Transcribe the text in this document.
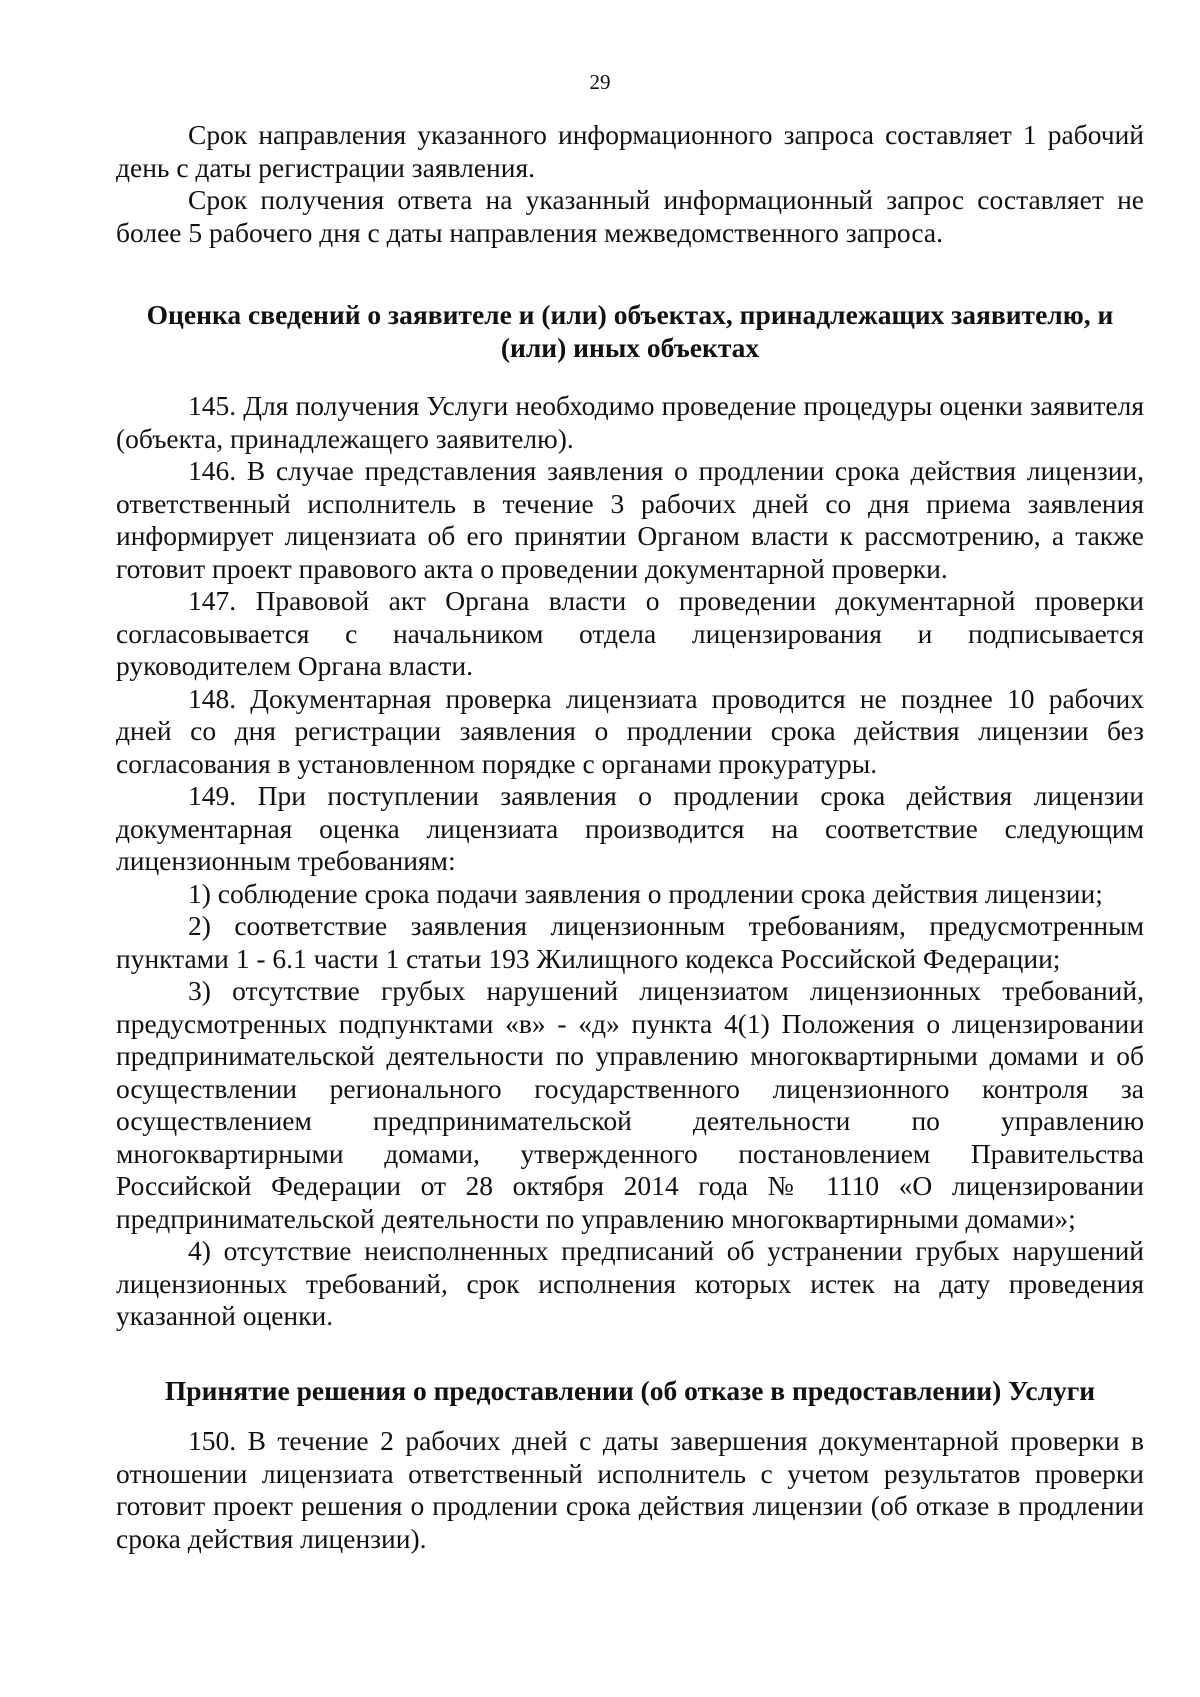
29

Срок направления указанного информационного запроса составляет 1 рабочий день с даты регистрации заявления.

Срок получения ответа на указанный информационный запрос составляет не более 5 рабочего дня с даты направления межведомственного запроса.

Оценка сведений о заявителе и (или) объектах, принадлежащих заявителю, и (или) иных объектах

145. Для получения Услуги необходимо проведение процедуры оценки заявителя (объекта, принадлежащего заявителю).

146. В случае представления заявления о продлении срока действия лицензии, ответственный исполнитель в течение 3 рабочих дней со дня приема заявления информирует лицензиата об его принятии Органом власти к рассмотрению, а также готовит проект правового акта о проведении документарной проверки.

147. Правовой акт Органа власти о проведении документарной проверки согласовывается с начальником отдела лицензирования и подписывается руководителем Органа власти.

148. Документарная проверка лицензиата проводится не позднее 10 рабочих дней со дня регистрации заявления о продлении срока действия лицензии без согласования в установленном порядке с органами прокуратуры.

149. При поступлении заявления о продлении срока действия лицензии документарная оценка лицензиата производится на соответствие следующим лицензионным требованиям:

1) соблюдение срока подачи заявления о продлении срока действия лицензии;

2) соответствие заявления лицензионным требованиям, предусмотренным пунктами 1 - 6.1 части 1 статьи 193 Жилищного кодекса Российской Федерации;

3) отсутствие грубых нарушений лицензиатом лицензионных требований, предусмотренных подпунктами «в» - «д» пункта 4(1) Положения о лицензировании предпринимательской деятельности по управлению многоквартирными домами и об осуществлении регионального государственного лицензионного контроля за осуществлением предпринимательской деятельности по управлению многоквартирными домами, утвержденного постановлением Правительства Российской Федерации от 28 октября 2014 года № 1110 «О лицензировании предпринимательской деятельности по управлению многоквартирными домами»;

4) отсутствие неисполненных предписаний об устранении грубых нарушений лицензионных требований, срок исполнения которых истек на дату проведения указанной оценки.

Принятие решения о предоставлении (об отказе в предоставлении) Услуги

150. В течение 2 рабочих дней с даты завершения документарной проверки в отношении лицензиата ответственный исполнитель с учетом результатов проверки готовит проект решения о продлении срока действия лицензии (об отказе в продлении срока действия лицензии).
